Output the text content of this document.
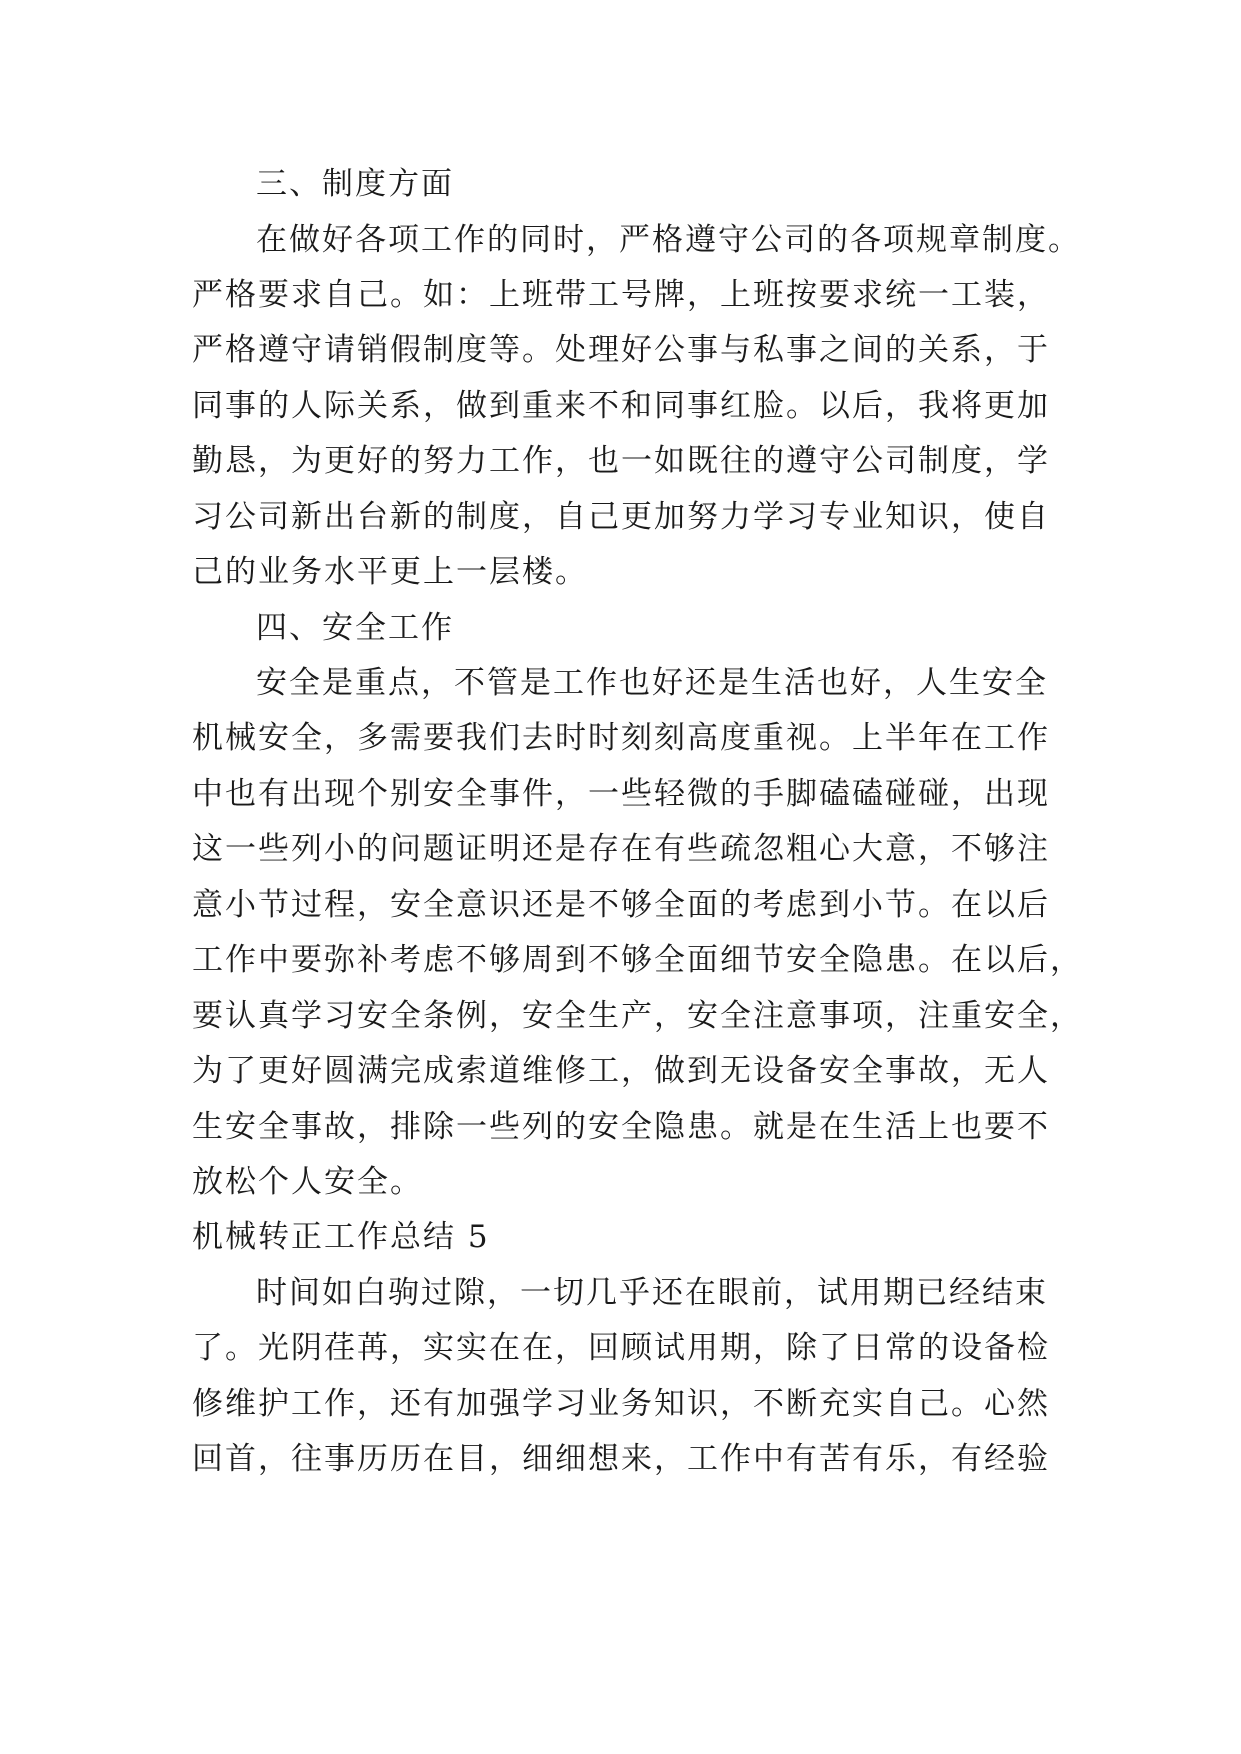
三、制度方面
在做好各项工作的同时，严格遵守公司的各项规章制度。
严格要求自己。如：上班带工号牌，上班按要求统一工装，
严格遵守请销假制度等。处理好公事与私事之间的关系，于
同事的人际关系，做到重来不和同事红脸。以后，我将更加
勤恳，为更好的努力工作，也一如既往的遵守公司制度，学
习公司新出台新的制度，自己更加努力学习专业知识，使自
己的业务水平更上一层楼。
四、安全工作
安全是重点，不管是工作也好还是生活也好，人生安全
机械安全，多需要我们去时时刻刻高度重视。上半年在工作
中也有出现个别安全事件，一些轻微的手脚磕磕碰碰，出现
这一些列小的问题证明还是存在有些疏忽粗心大意，不够注
意小节过程，安全意识还是不够全面的考虑到小节。在以后
工作中要弥补考虑不够周到不够全面细节安全隐患。在以后，
要认真学习安全条例，安全生产，安全注意事项，注重安全，
为了更好圆满完成索道维修工，做到无设备安全事故，无人
生安全事故，排除一些列的安全隐患。就是在生活上也要不
放松个人安全。
机械转正工作总结 5
时间如白驹过隙，一切几乎还在眼前，试用期已经结束
了。光阴荏苒，实实在在，回顾试用期，除了日常的设备检
修维护工作，还有加强学习业务知识，不断充实自己。心然
回首，往事历历在目，细细想来，工作中有苦有乐，有经验
